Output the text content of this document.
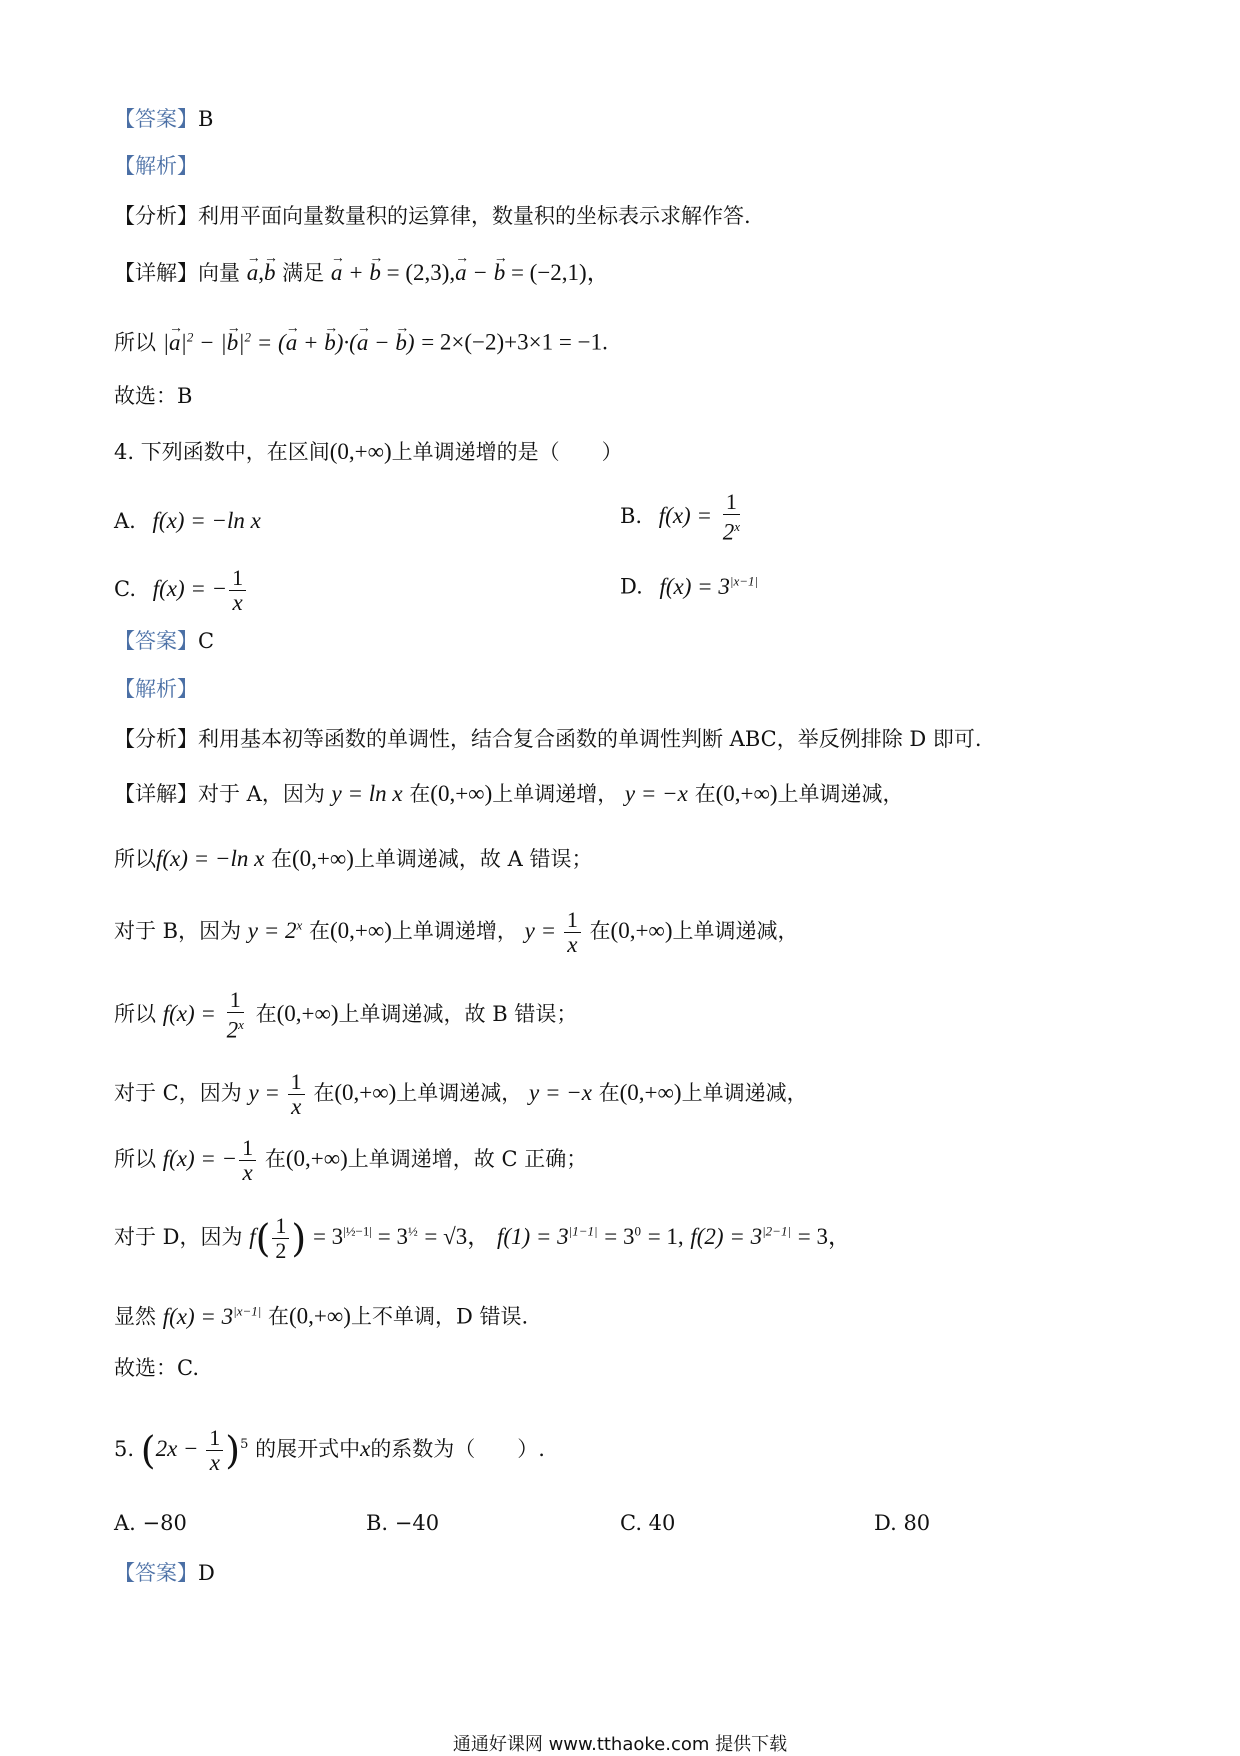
【答案】B
【解析】
【分析】利用平面向量数量积的运算律，数量积的坐标表示求解作答.
【详解】向量 → a,→ b 满足 → a + → b = (2,3),→ a − → b = (−2,1)，
所以 |→ $a|^2$ − |→ $b|^2$ = (→ a + → b)·(→ a − → b) = 2×(−2)+3×1 = −1.
故选：B
4. 下列函数中，在区间(0,+∞)上单调递增的是（　　）
A. f(x) = −ln x	B. $f(x) = \frac{1}{2^x}$
C. f(x) = − $\frac{1}{x}$	D. $f(x) = 3^{|x-1|}$
【答案】C
【解析】
【分析】利用基本初等函数的单调性，结合复合函数的单调性判断 ABC，举反例排除 D 即可.
【详解】对于 A，因为 y = ln x 在(0,+∞)上单调递增， y = −x 在(0,+∞)上单调递减，
所以f(x) = −ln x 在(0,+∞)上单调递减，故 A 错误；
对于 B，因为 $y = 2^x$ 在(0,+∞)上单调递增， $y = \frac{1}{x}$ 在(0,+∞)上单调递减，
所以 $f(x) = \frac{1}{2^x}$ 在(0,+∞)上单调递减，故 B 错误；
对于 C，因为 $y = \frac{1}{x}$ 在(0,+∞)上单调递减， y = −x 在(0,+∞)上单调递减，
所以 f(x) = − $\frac{1}{x}$ 在(0,+∞)上单调递增，故 C 正确；
对于 D，因为 $f( \frac{1}{2}$ ) = $3^{|\frac{1}{2}-1|} = 3^{\frac{1}{2}} = √3$， $f(1) = 3^{|1-1|} = 3^0 = 1$, $f(2) = 3^{|2-1|} = 3$，
显然 $f(x) = 3^{|x-1|}$ 在(0,+∞)上不单调，D 错误.
故选：C.
5. $(2x - \frac{1}{x} )^5$ 的展开式中x的系数为（　　）.
A. −80	B. −40	C. 40	D. 80
【答案】D
通通好课网 www.tthaoke.com 提供下载
